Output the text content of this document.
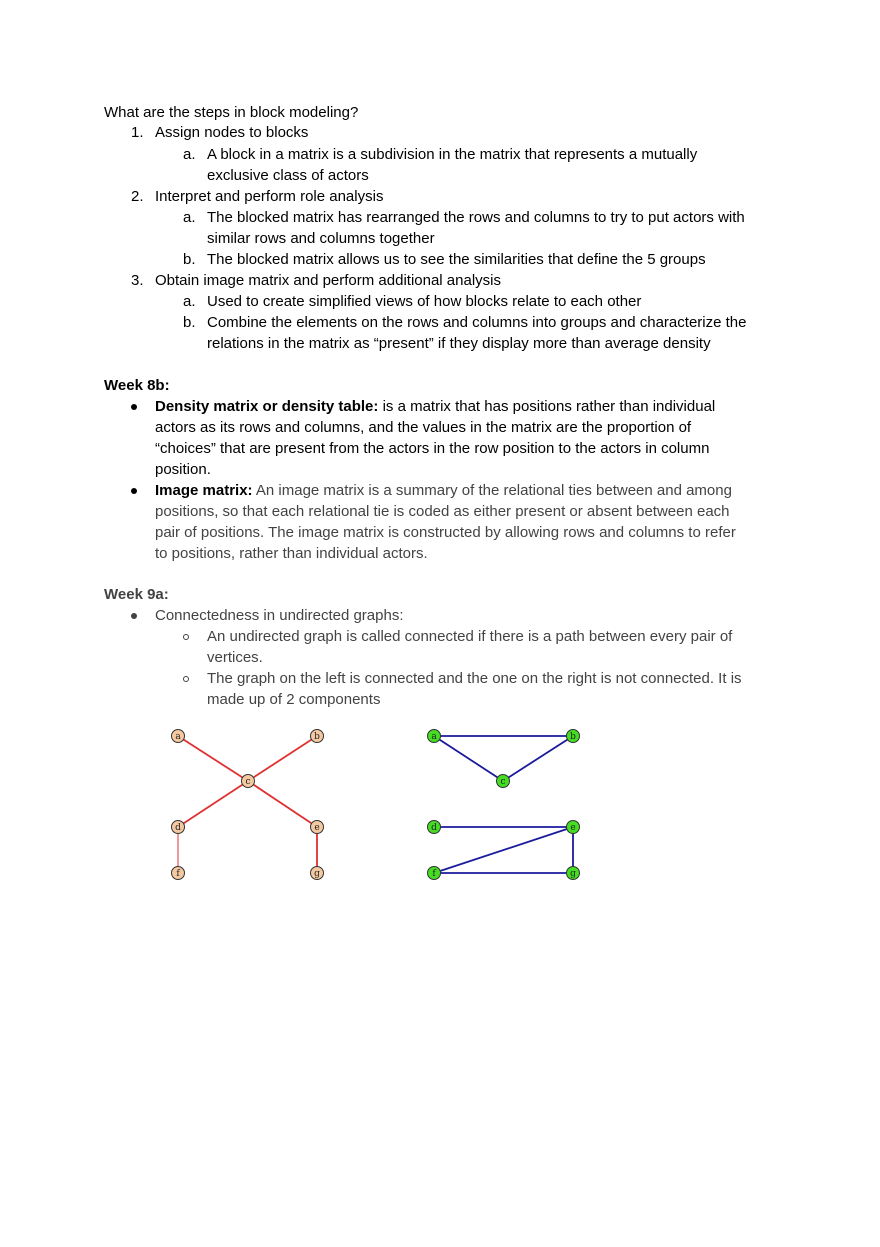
What are the steps in block modeling?
1. Assign nodes to blocks
a. A block in a matrix is a subdivision in the matrix that represents a mutually
exclusive class of actors
2. Interpret and perform role analysis
a. The blocked matrix has rearranged the rows and columns to try to put actors with
similar rows and columns together
b. The blocked matrix allows us to see the similarities that define the 5 groups
3. Obtain image matrix and perform additional analysis
a. Used to create simplified views of how blocks relate to each other
b. Combine the elements on the rows and columns into groups and characterize the
relations in the matrix as “present” if they display more than average density
Week 8b:
Density matrix or density table: is a matrix that has positions rather than individual
actors as its rows and columns, and the values in the matrix are the proportion of
“choices” that are present from the actors in the row position to the actors in column
position.
Image matrix: An image matrix is a summary of the relational ties between and among
positions, so that each relational tie is coded as either present or absent between each
pair of positions. The image matrix is constructed by allowing rows and columns to refer
to positions, rather than individual actors.
Week 9a:
Connectedness in undirected graphs:
An undirected graph is called connected if there is a path between every pair of
vertices.
The graph on the left is connected and the one on the right is not connected. It is
made up of 2 components
a	b
c
d	e
f	g
a	b
c
d	e
f	g
